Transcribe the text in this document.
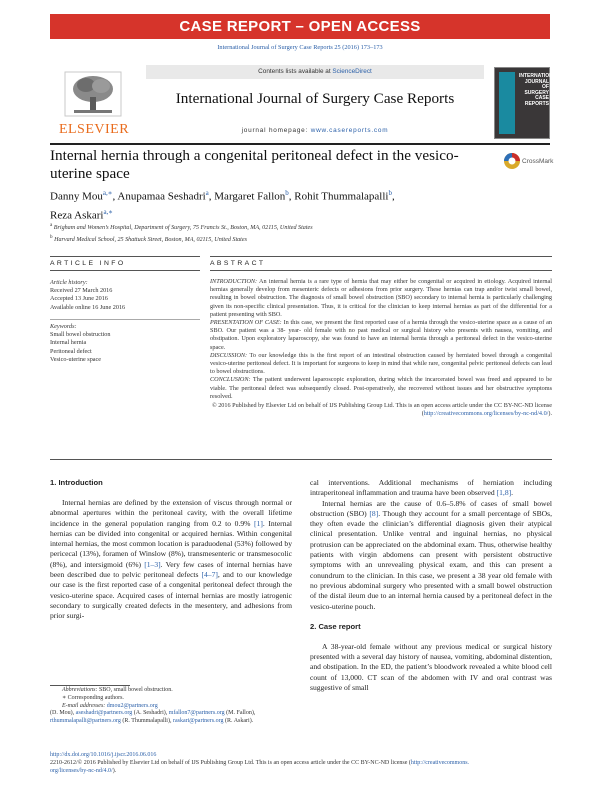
CASE REPORT – OPEN ACCESS
International Journal of Surgery Case Reports 25 (2016) 173–173
ELSEVIER
Contents lists available at ScienceDirect
International Journal of Surgery Case Reports
journal homepage: www.casereports.com
INTERNATIONAL
JOURNAL OF
SURGERY
CASE
REPORTS
Internal hernia through a congenital peritoneal defect in the vesico-uterine space
CrossMark
Danny Mou$^{a,∗}$, Anupamaa Seshadri$^a$, Margaret Fallon$^b$, Rohit Thummalapalli$^b$,
Reza Askari$^{a,∗}$
$^a$ Brigham and Women’s Hospital, Department of Surgery, 75 Francis St., Boston, MA, 02115, United States
$^b$ Harvard Medical School, 25 Shattuck Street, Boston, MA, 02115, United States
ARTICLE INFO	ABSTRACT
Article history:
Received 27 March 2016
Accepted 13 June 2016
Available online 16 June 2016
Keywords:
Small bowel obstruction
Internal hernia
Peritoneal defect
Vesico-uterine space

INTRODUCTION: An internal hernia is a rare type of hernia that may either be congenital or acquired in etiology. Acquired internal hernias generally develop from mesenteric defects or adhesions from prior surgery. These hernias can trap and/or twist small bowel, resulting in bowel obstruction. The diagnosis of small bowel obstruction (SBO) secondary to internal hernia is particularly challenging given its non-specific clinical presentation. Thus, it is critical for the clinician to keep internal hernias as part of the differential for a patient presenting with SBO.

PRESENTATION OF CASE: In this case, we present the first reported case of a hernia through the vesico-uterine space as a cause of an SBO. Our patient was a 38- year- old female with no past medical or surgical history who presents with nausea, vomiting, and obstipation. Upon exploratory laparoscopy, she was found to have an internal hernia through a peritoneal defect in the vesico-uterine space.

DISCUSSION: To our knowledge this is the first report of an intestinal obstruction caused by herniated bowel through a congenital vesico-uterine peritoneal defect. It is important for surgeons to keep in mind that while rare, congenital pelvic peritoneal defects can lead to bowel obstructions.

CONCLUSION: The patient underwent laparoscopic exploration, during which the incarcerated bowel was freed and appeared to be viable. The peritoneal defect was subsequently closed. Post-operatively, she recovered without issues and her obstructive symptoms resolved.

© 2016 Published by Elsevier Ltd on behalf of IJS Publishing Group Ltd. This is an open access article under the CC BY-NC-ND license (http://creativecommons.org/licenses/by-nc-nd/4.0/).

1. Introduction

Internal hernias are defined by the extension of viscus through normal or abnormal apertures within the peritoneal cavity, with the overall lifetime incidence in the general population ranging from 0.2 to 0.9% [1]. Internal hernias can be divided into congenital or acquired hernias. Within congenital internal hernias, the most common location is paraduodenal (53%) followed by pericecal (13%), foramen of Winslow (8%), transmesenteric or transmesocolic (8%), and intersigmoid (6%) [1–3]. Very few cases of internal hernias have been described due to pelvic peritoneal defects [4–7], and to our knowledge our case is the first reported case of a congenital peritoneal defect through the vesico-uterine space. Acquired cases of internal hernias are mostly iatrogenic secondary to surgically created defects in the mesentery, and adhesions from prior surgi-

Abbreviations: SBO, small bowel obstruction.
∗ Corresponding authors.
E-mail addresses: dmou2@partners.org
(D. Mou), aseshadri@partners.org (A. Seshadri), mfallon7@partners.org (M. Fallon),
rthummalapalli@partners.org (R. Thummalapalli), raskari@partners.org (R. Askari).

cal interventions. Additional mechanisms of herniation including intraperitoneal inflammation and trauma have been observed [1,8].

Internal hernias are the cause of 0.6–5.8% of cases of small bowel obstruction (SBO) [8]. Though they account for a small percentage of SBOs, they often evade the clinician’s differential diagnosis given their atypical clinical presentation. Unlike ventral and inguinal hernias, no physical protrusion can be appreciated on the abdominal exam. Thus, otherwise healthy patients with virgin abdomens can present with persistent obstructive symptoms with an unrevealing physical exam, and this can present a conundrum to the clinician. In this case, we present a 38 year old female with no previous abdominal surgery who presented with a small bowel obstruction of the distal ileum due to an internal hernia caused by a peritoneal defect in the vesico-uterine pouch.

2. Case report

A 38-year-old female without any previous medical or surgical history presented with a several day history of nausea, vomiting, abdominal distention, and obstipation. In the ED, the patient’s bloodwork revealed a white blood cell count of 13,000. CT scan of the abdomen with IV and oral contrast was suggestive of small

http://dx.doi.org/10.1016/j.ijscr.2016.06.016
2210-2612/© 2016 Published by Elsevier Ltd on behalf of IJS Publishing Group Ltd. This is an open access article under the CC BY-NC-ND license (http://creativecommons.
org/licenses/by-nc-nd/4.0/).
